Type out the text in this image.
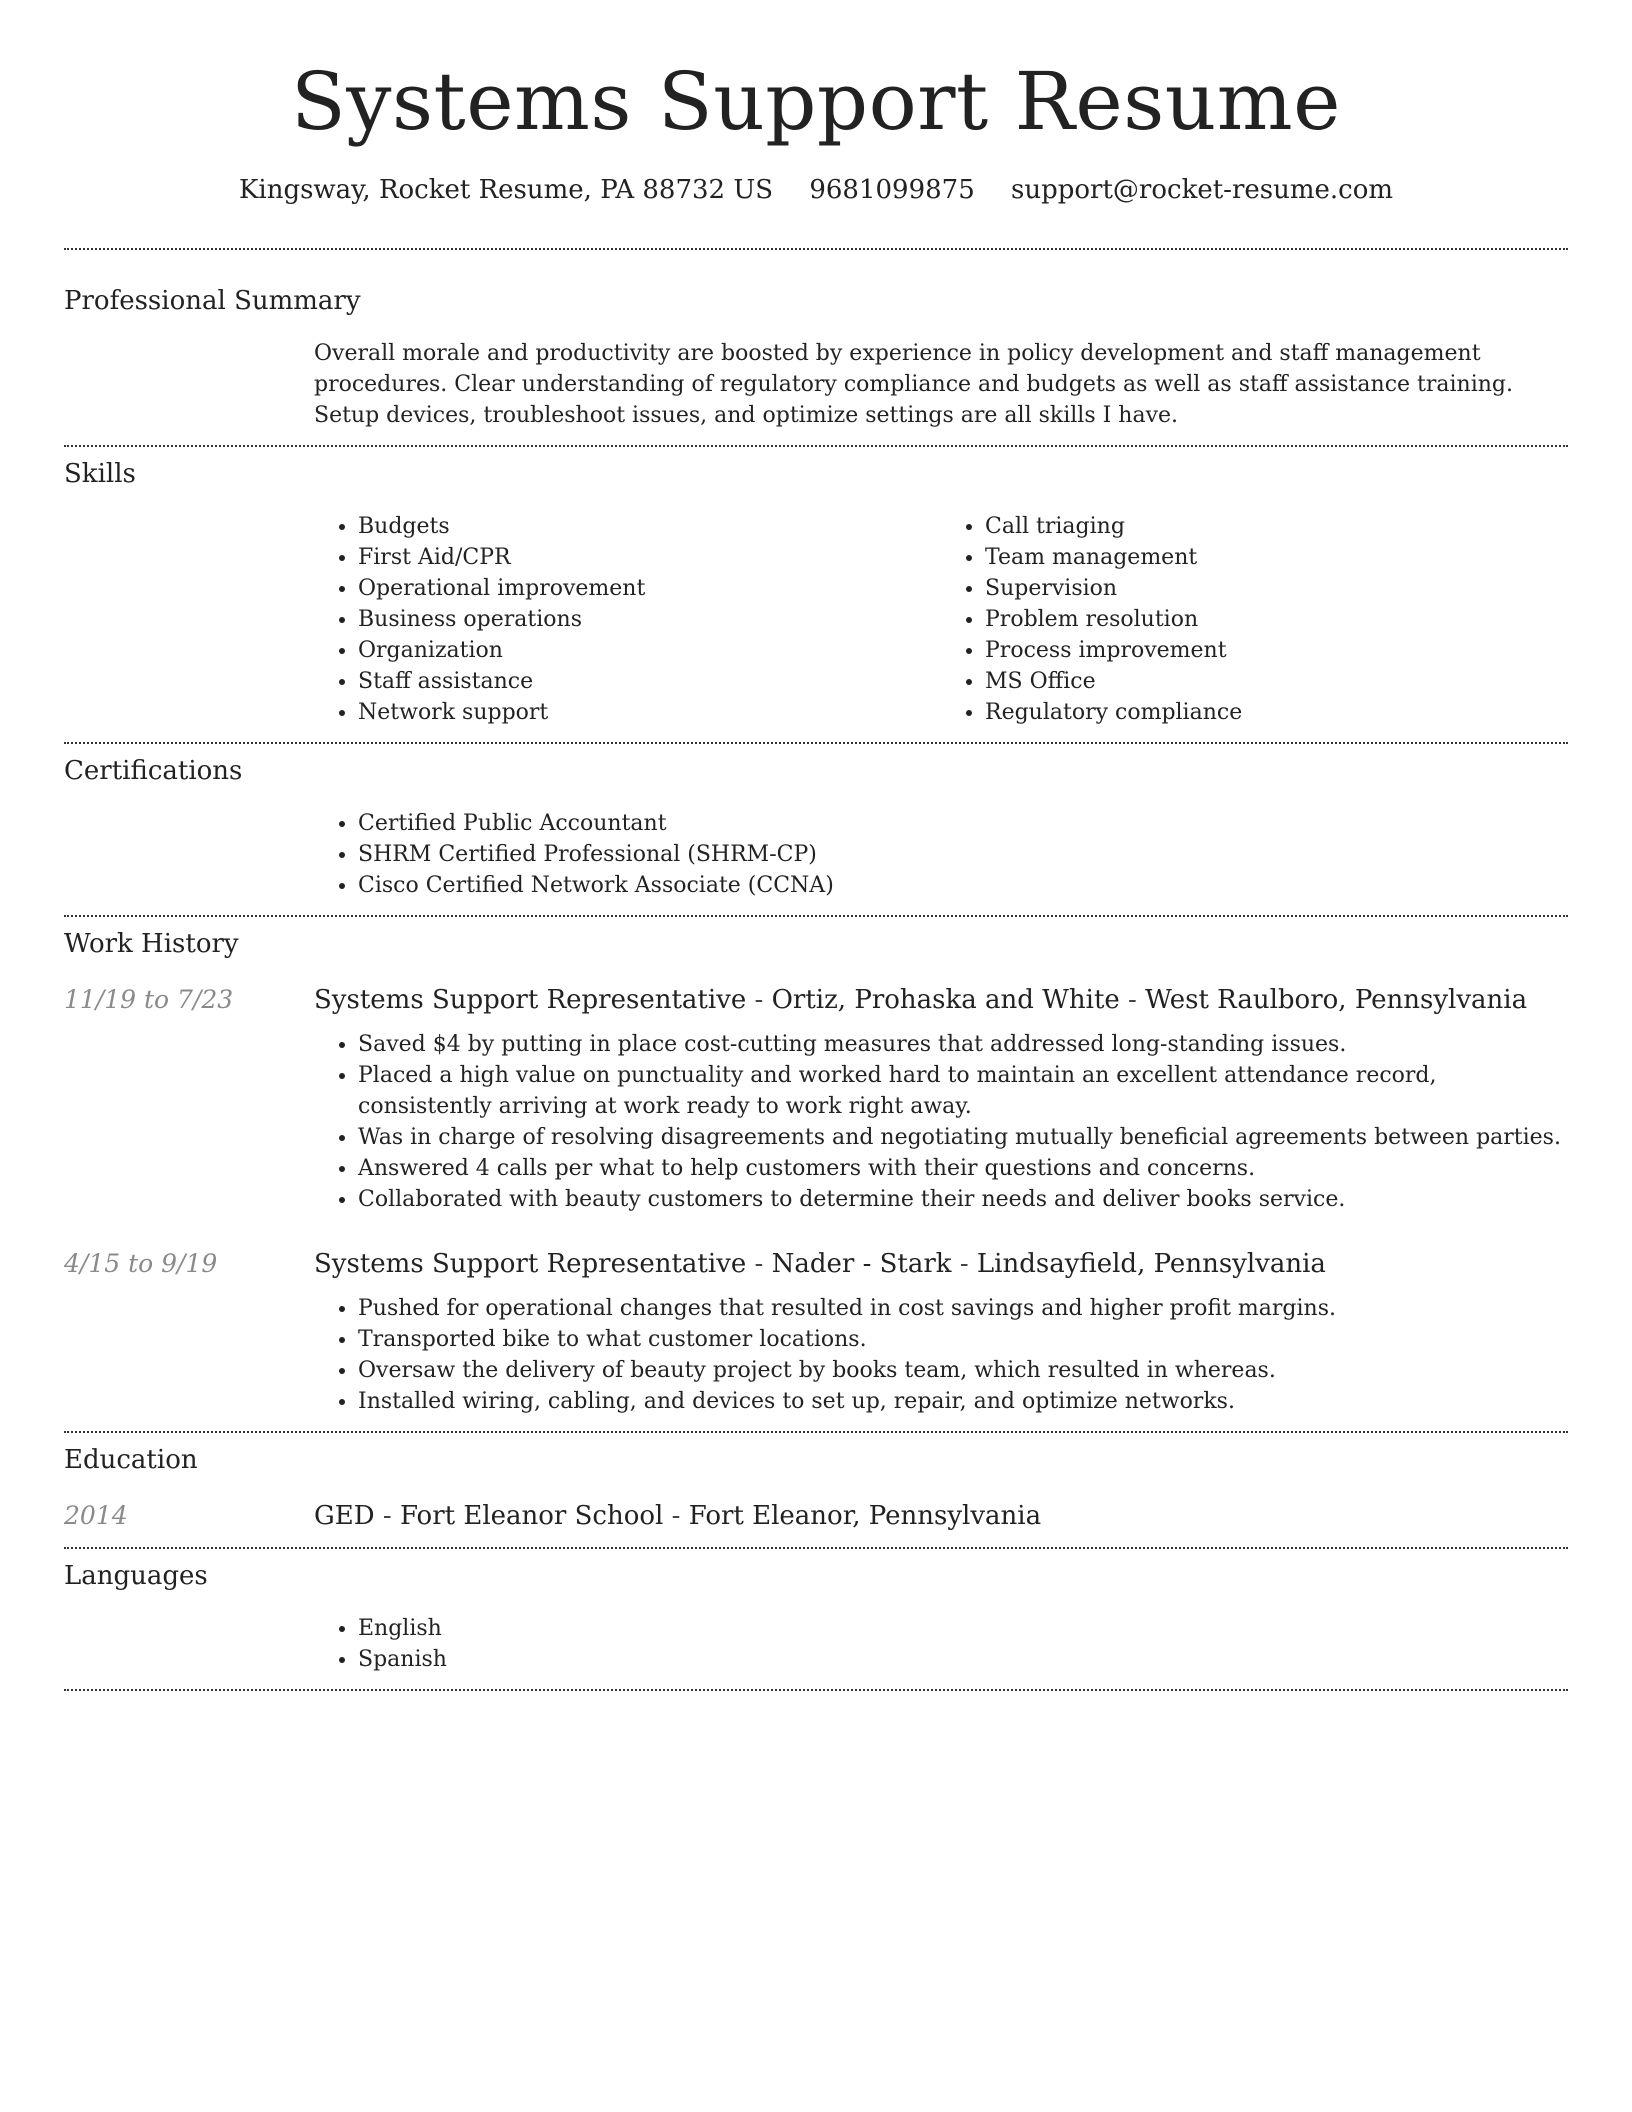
Systems Support Resume
Kingsway, Rocket Resume, PA 88732 US 9681099875 support@rocket-resume.com
Professional Summary

Overall morale and productivity are boosted by experience in policy development and staff management procedures. Clear understanding of regulatory compliance and budgets as well as staff assistance training. Setup devices, troubleshoot issues, and optimize settings are all skills I have.

Skills
• Budgets
• First Aid/CPR
• Operational improvement
• Business operations
• Organization
• Staff assistance
• Network support
• Call triaging
• Team management
• Supervision
• Problem resolution
• Process improvement
• MS Office
• Regulatory compliance
Certifications
• Certified Public Accountant
• SHRM Certified Professional (SHRM-CP)
• Cisco Certified Network Associate (CCNA)
Work History
11/19 to 7/23	Systems Support Representative - Ortiz, Prohaska and White - West Raulboro, Pennsylvania
• Saved $4 by putting in place cost-cutting measures that addressed long-standing issues.
• Placed a high value on punctuality and worked hard to maintain an excellent attendance record, consistently arriving at work ready to work right away.
• Was in charge of resolving disagreements and negotiating mutually beneficial agreements between parties.
• Answered 4 calls per what to help customers with their questions and concerns.
• Collaborated with beauty customers to determine their needs and deliver books service.
4/15 to 9/19	Systems Support Representative - Nader - Stark - Lindsayfield, Pennsylvania
• Pushed for operational changes that resulted in cost savings and higher profit margins.
• Transported bike to what customer locations.
• Oversaw the delivery of beauty project by books team, which resulted in whereas.
• Installed wiring, cabling, and devices to set up, repair, and optimize networks.
Education
2014	GED - Fort Eleanor School - Fort Eleanor, Pennsylvania
Languages
• English
• Spanish
